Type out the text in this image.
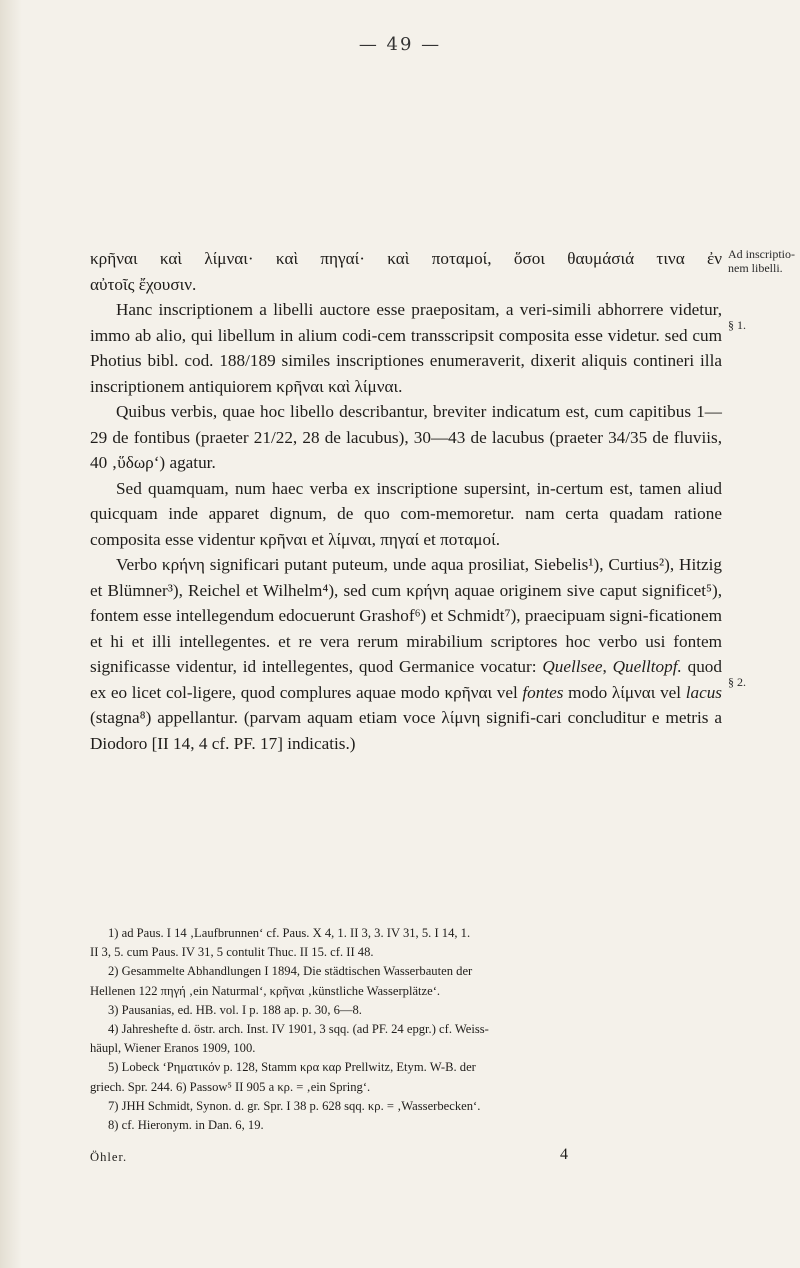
— 49 —
Ad inscriptio-
nem libelli.
§ 1.
§ 2.

κρῆναι καὶ λίμναι· καὶ πηγαί· καὶ ποταμοί, ὅσοι θαυμάσιά τινα ἐν

αὐτοῖς ἔχουσιν.

Hanc inscriptionem a libelli auctore esse praepositam, a veri-simili abhorrere videtur, immo ab alio, qui libellum in alium codi-cem transscripsit composita esse videtur. sed cum Photius bibl. cod. 188/189 similes inscriptiones enumeraverit, dixerit aliquis contineri illa inscriptionem antiquiorem κρῆναι καὶ λίμναι.

Quibus verbis, quae hoc libello describantur, breviter indicatum est, cum capitibus 1—29 de fontibus (praeter 21/22, 28 de lacubus), 30—43 de lacubus (praeter 34/35 de fluviis, 40 ‚ὕδωρ‘) agatur.

Sed quamquam, num haec verba ex inscriptione supersint, in-certum est, tamen aliud quicquam inde apparet dignum, de quo com-memoretur. nam certa quadam ratione composita esse videntur κρῆναι et λίμναι, πηγαί et ποταμοί.

Verbo κρήνη significari putant puteum, unde aqua prosiliat, Siebelis¹), Curtius²), Hitzig et Blümner³), Reichel et Wilhelm⁴), sed cum κρήνη aquae originem sive caput significet⁵), fontem esse intellegendum edocuerunt Grashof⁶) et Schmidt⁷), praecipuam signi-ficationem et hi et illi intellegentes. et re vera rerum mirabilium scriptores hoc verbo usi fontem significasse videntur, id intellegentes, quod Germanice vocatur: Quellsee, Quelltopf. quod ex eo licet col-ligere, quod complures aquae modo κρῆναι vel fontes modo λίμναι vel lacus (stagna⁸) appellantur. (parvam aquam etiam voce λίμνη signifi-cari concluditur e metris a Diodoro [II 14, 4 cf. PF. 17] indicatis.)

1) ad Paus. I 14 ‚Laufbrunnen‘ cf. Paus. X 4, 1. II 3, 3. IV 31, 5. I 14, 1.
II 3, 5. cum Paus. IV 31, 5 contulit Thuc. II 15. cf. II 48.
2) Gesammelte Abhandlungen I 1894, Die städtischen Wasserbauten der
Hellenen 122 πηγή ‚ein Naturmal‘, κρῆναι ‚künstliche Wasserplätze‘.
3) Pausanias, ed. HB. vol. I p. 188 ap. p. 30, 6—8.
4) Jahreshefte d. östr. arch. Inst. IV 1901, 3 sqq. (ad PF. 24 epgr.) cf. Weiss-
häupl, Wiener Eranos 1909, 100.
5) Lobeck ‘Ρηματικόν p. 128, Stamm κρα καρ Prellwitz, Etym. W-B. der
griech. Spr. 244. 6) Passow⁵ II 905 a κρ. = ‚ein Spring‘.
7) JHH Schmidt, Synon. d. gr. Spr. I 38 p. 628 sqq. κρ. = ‚Wasserbecken‘.
8) cf. Hieronym. in Dan. 6, 19.
Öhler.	4
